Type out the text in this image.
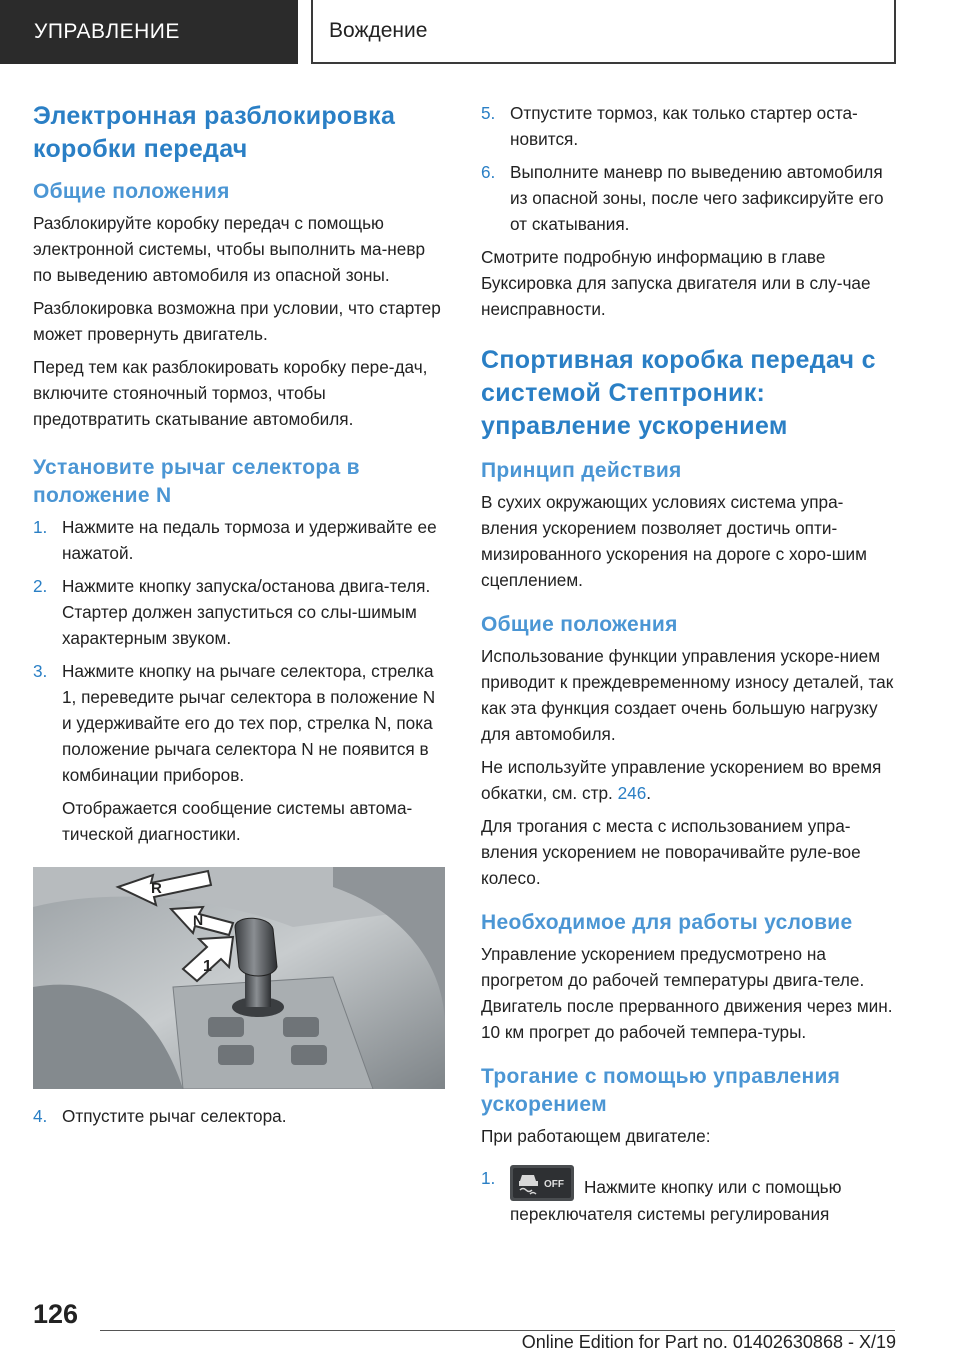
УПРАВЛЕНИЕ	Вождение
Электронная разблокировка коробки передач
Общие положения

Разблокируйте коробку передач с помощью электронной системы, чтобы выполнить ма-невр по выведению автомобиля из опасной зоны.

Разблокировка возможна при условии, что стартер может провернуть двигатель.

Перед тем как разблокировать коробку пере-дач, включите стояночный тормоз, чтобы предотвратить скатывание автомобиля.

Установите рычаг селектора в положение N
1. Нажмите на педаль тормоза и удерживайте ее нажатой.
2. Нажмите кнопку запуска/останова двига-теля. Стартер должен запуститься со слы-шимым характерным звуком.
3. Нажмите кнопку на рычаге селектора, стрелка 1, переведите рычаг селектора в положение N и удерживайте его до тех пор, стрелка N, пока положение рычага селектора N не появится в комбинации приборов.

Отображается сообщение системы автома-тической диагностики.

R
N
1
4. Отпустите рычаг селектора.
5. Отпустите тормоз, как только стартер оста-новится.
6. Выполните маневр по выведению автомобиля из опасной зоны, после чего зафиксируйте его от скатывания.

Смотрите подробную информацию в главе Буксировка для запуска двигателя или в слу-чае неисправности.

Спортивная коробка передач с системой Стептроник: управление ускорением
Принцип действия

В сухих окружающих условиях система упра-вления ускорением позволяет достичь опти-мизированного ускорения на дороге с хоро-шим сцеплением.

Общие положения

Использование функции управления ускоре-нием приводит к преждевременному износу деталей, так как эта функция создает очень большую нагрузку для автомобиля.

Не используйте управление ускорением во время обкатки, см. стр. 246.

Для трогания с места с использованием упра-вления ускорением не поворачивайте руле-вое колесо.

Необходимое для работы условие

Управление ускорением предусмотрено на прогретом до рабочей температуры двига-теле. Двигатель после прерванного движения через мин. 10 км прогрет до рабочей темпера-туры.

Трогание с помощью управления ускорением

При работающем двигателе:

1.	OFF Нажмите кнопку или с помощью переключателя системы регулирования
126
Online Edition for Part no. 01402630868 - X/19
